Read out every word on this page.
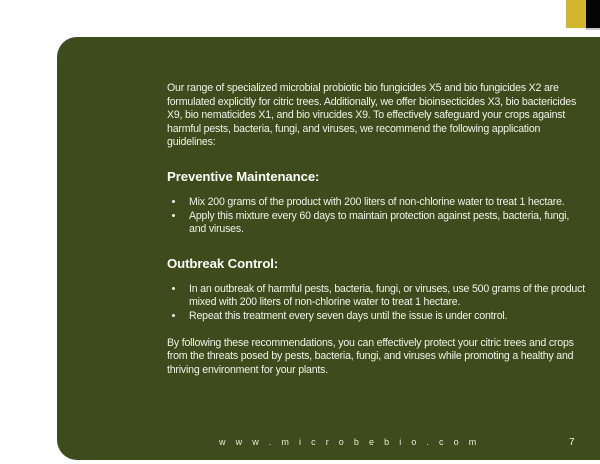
Our range of specialized microbial probiotic bio fungicides X5 and bio fungicides X2 are formulated explicitly for citric trees. Additionally, we offer bioinsecticides X3, bio bactericides X9, bio nematicides X1, and bio virucides X9. To effectively safeguard your crops against harmful pests, bacteria, fungi, and viruses, we recommend the following application guidelines:

Preventive Maintenance:
• Mix 200 grams of the product with 200 liters of non-chlorine water to treat 1 hectare.
• Apply this mixture every 60 days to maintain protection against pests, bacteria, fungi, and viruses.
Outbreak Control:
• In an outbreak of harmful pests, bacteria, fungi, or viruses, use 500 grams of the product mixed with 200 liters of non-chlorine water to treat 1 hectare.
• Repeat this treatment every seven days until the issue is under control.

By following these recommendations, you can effectively protect your citric trees and crops from the threats posed by pests, bacteria, fungi, and viruses while promoting a healthy and thriving environment for your plants.

w w w . m i c r o b e b i o . c o m	7
